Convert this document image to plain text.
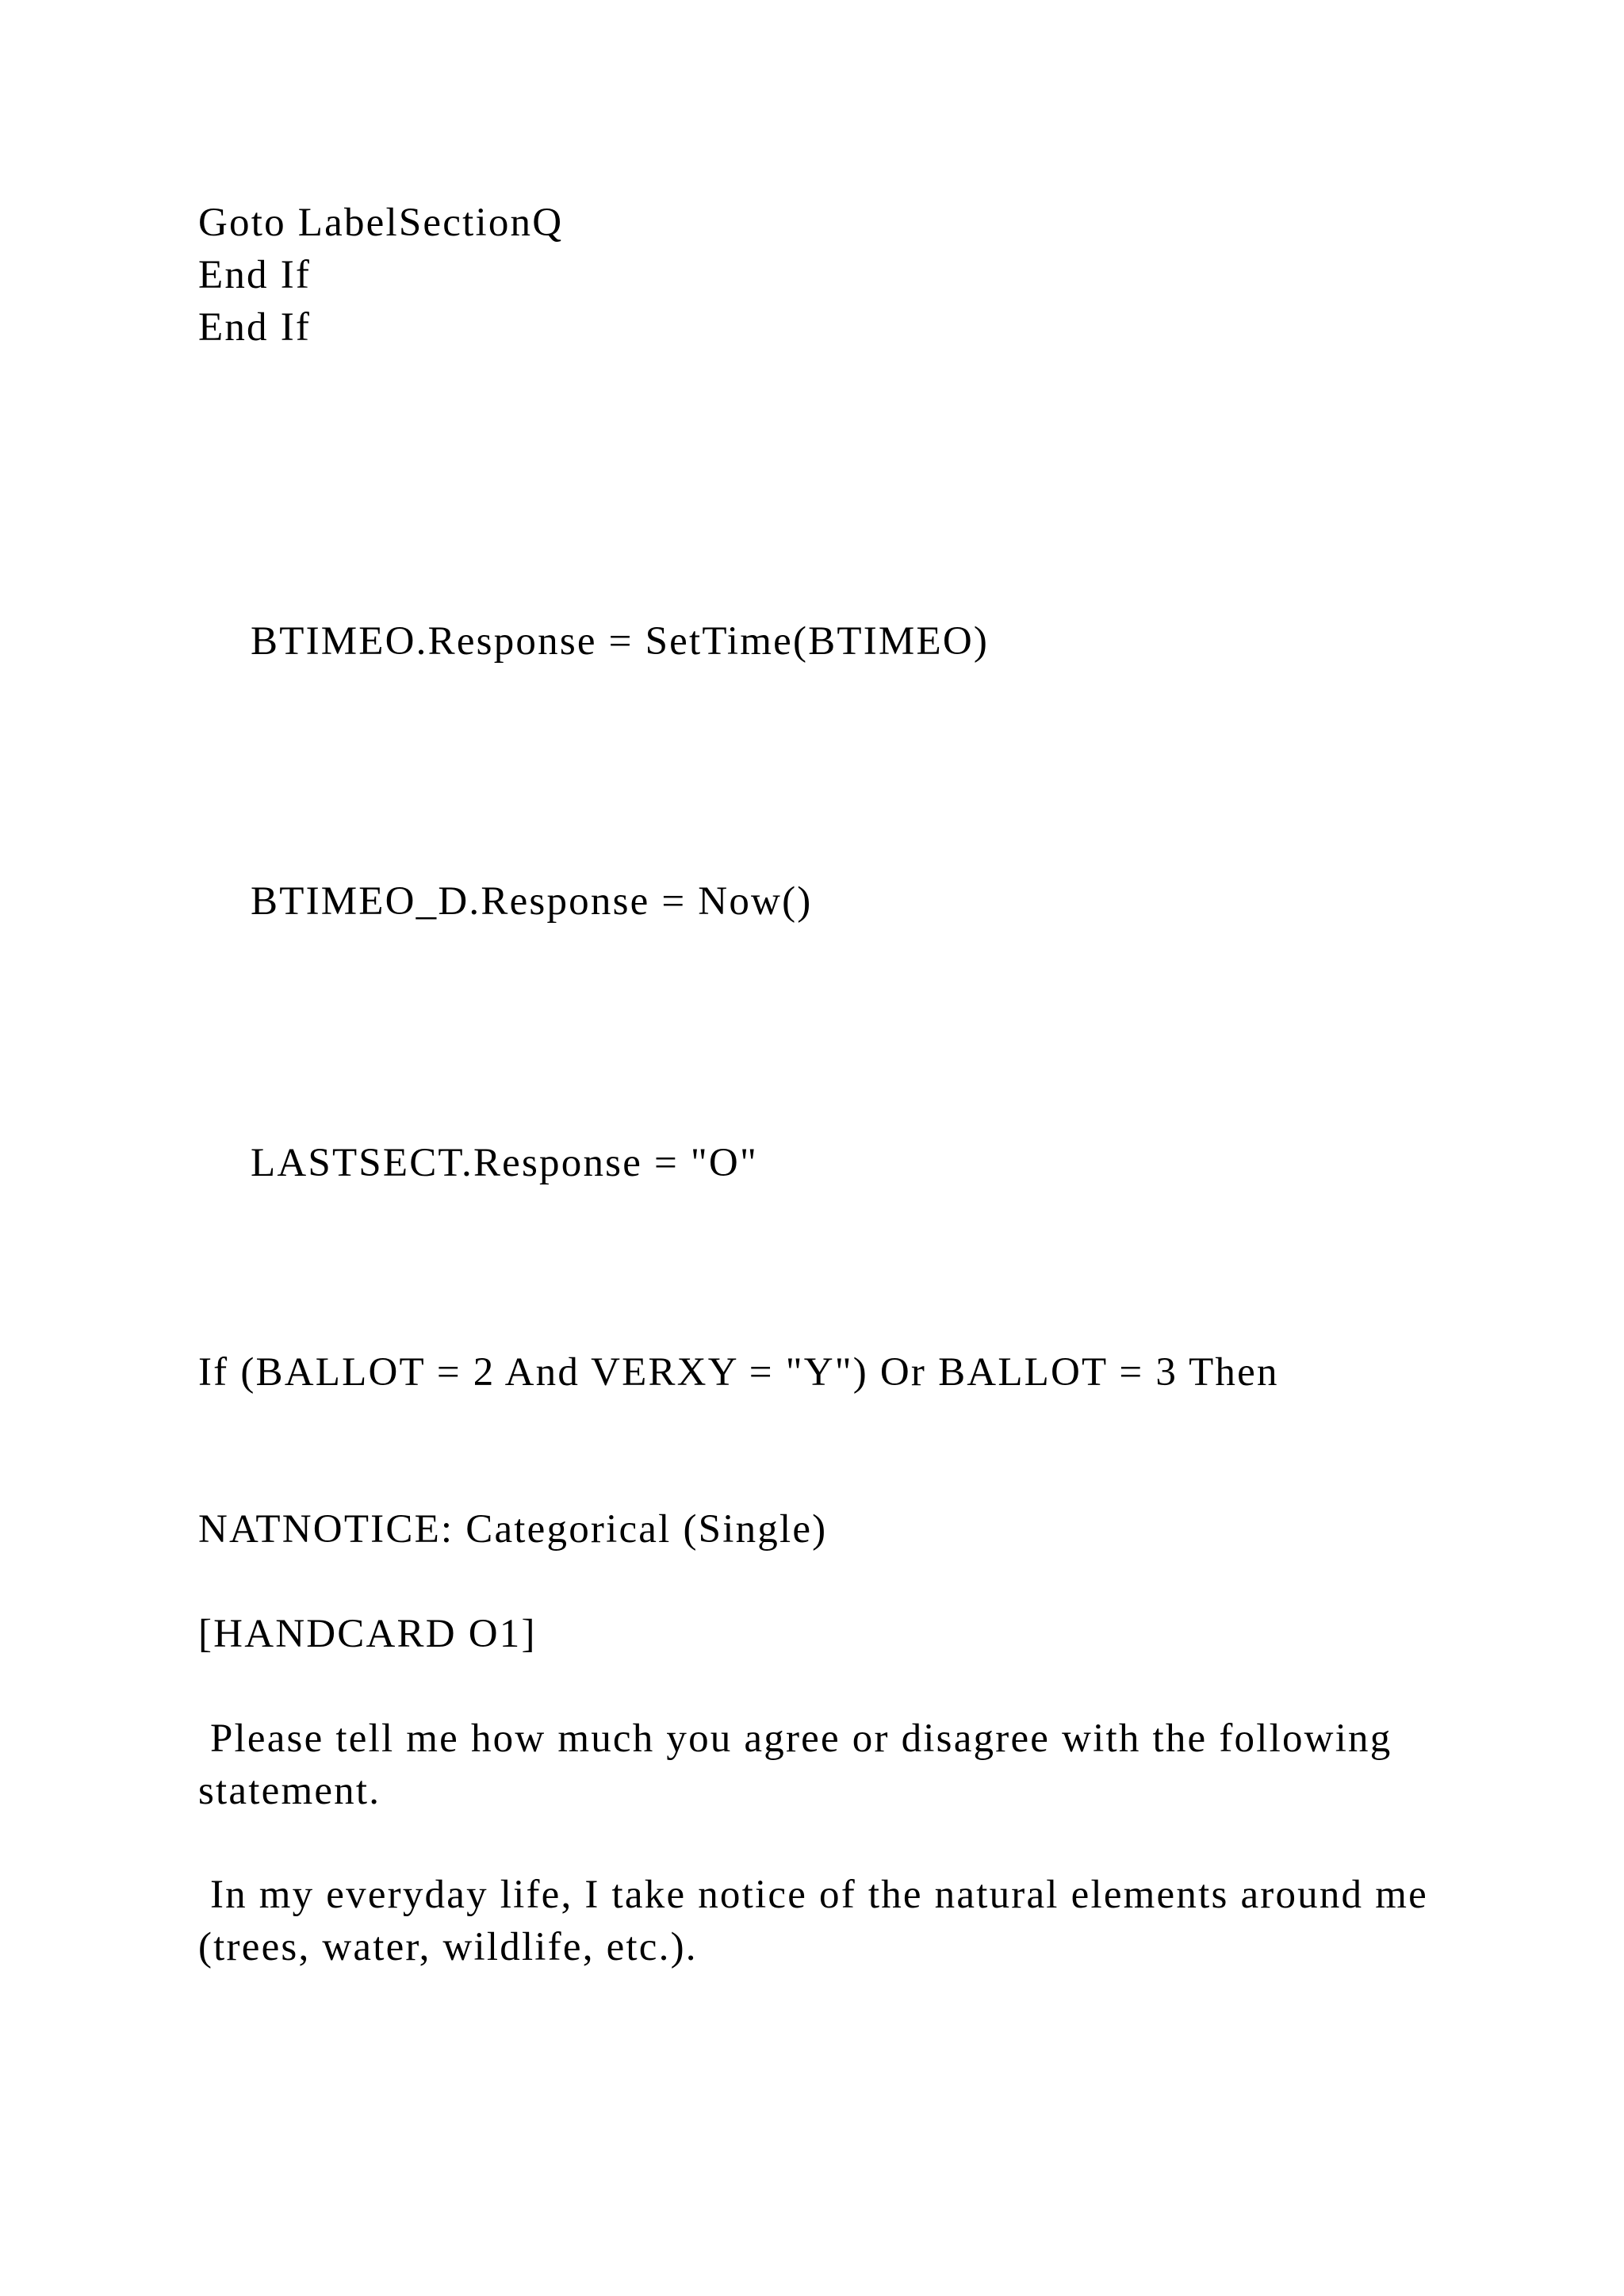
Goto LabelSectionQ

End If

End If

BTIMEO.Response = SetTime(BTIMEO)

BTIMEO_D.Response = Now()

LASTSECT.Response = "O"

If (BALLOT = 2 And VERXY = "Y") Or BALLOT = 3 Then

NATNOTICE: Categorical (Single)

[HANDCARD O1]

Please tell me how much you agree or disagree with the following statement.

In my everyday life, I take notice of the natural elements around me (trees, water, wildlife, etc.).
